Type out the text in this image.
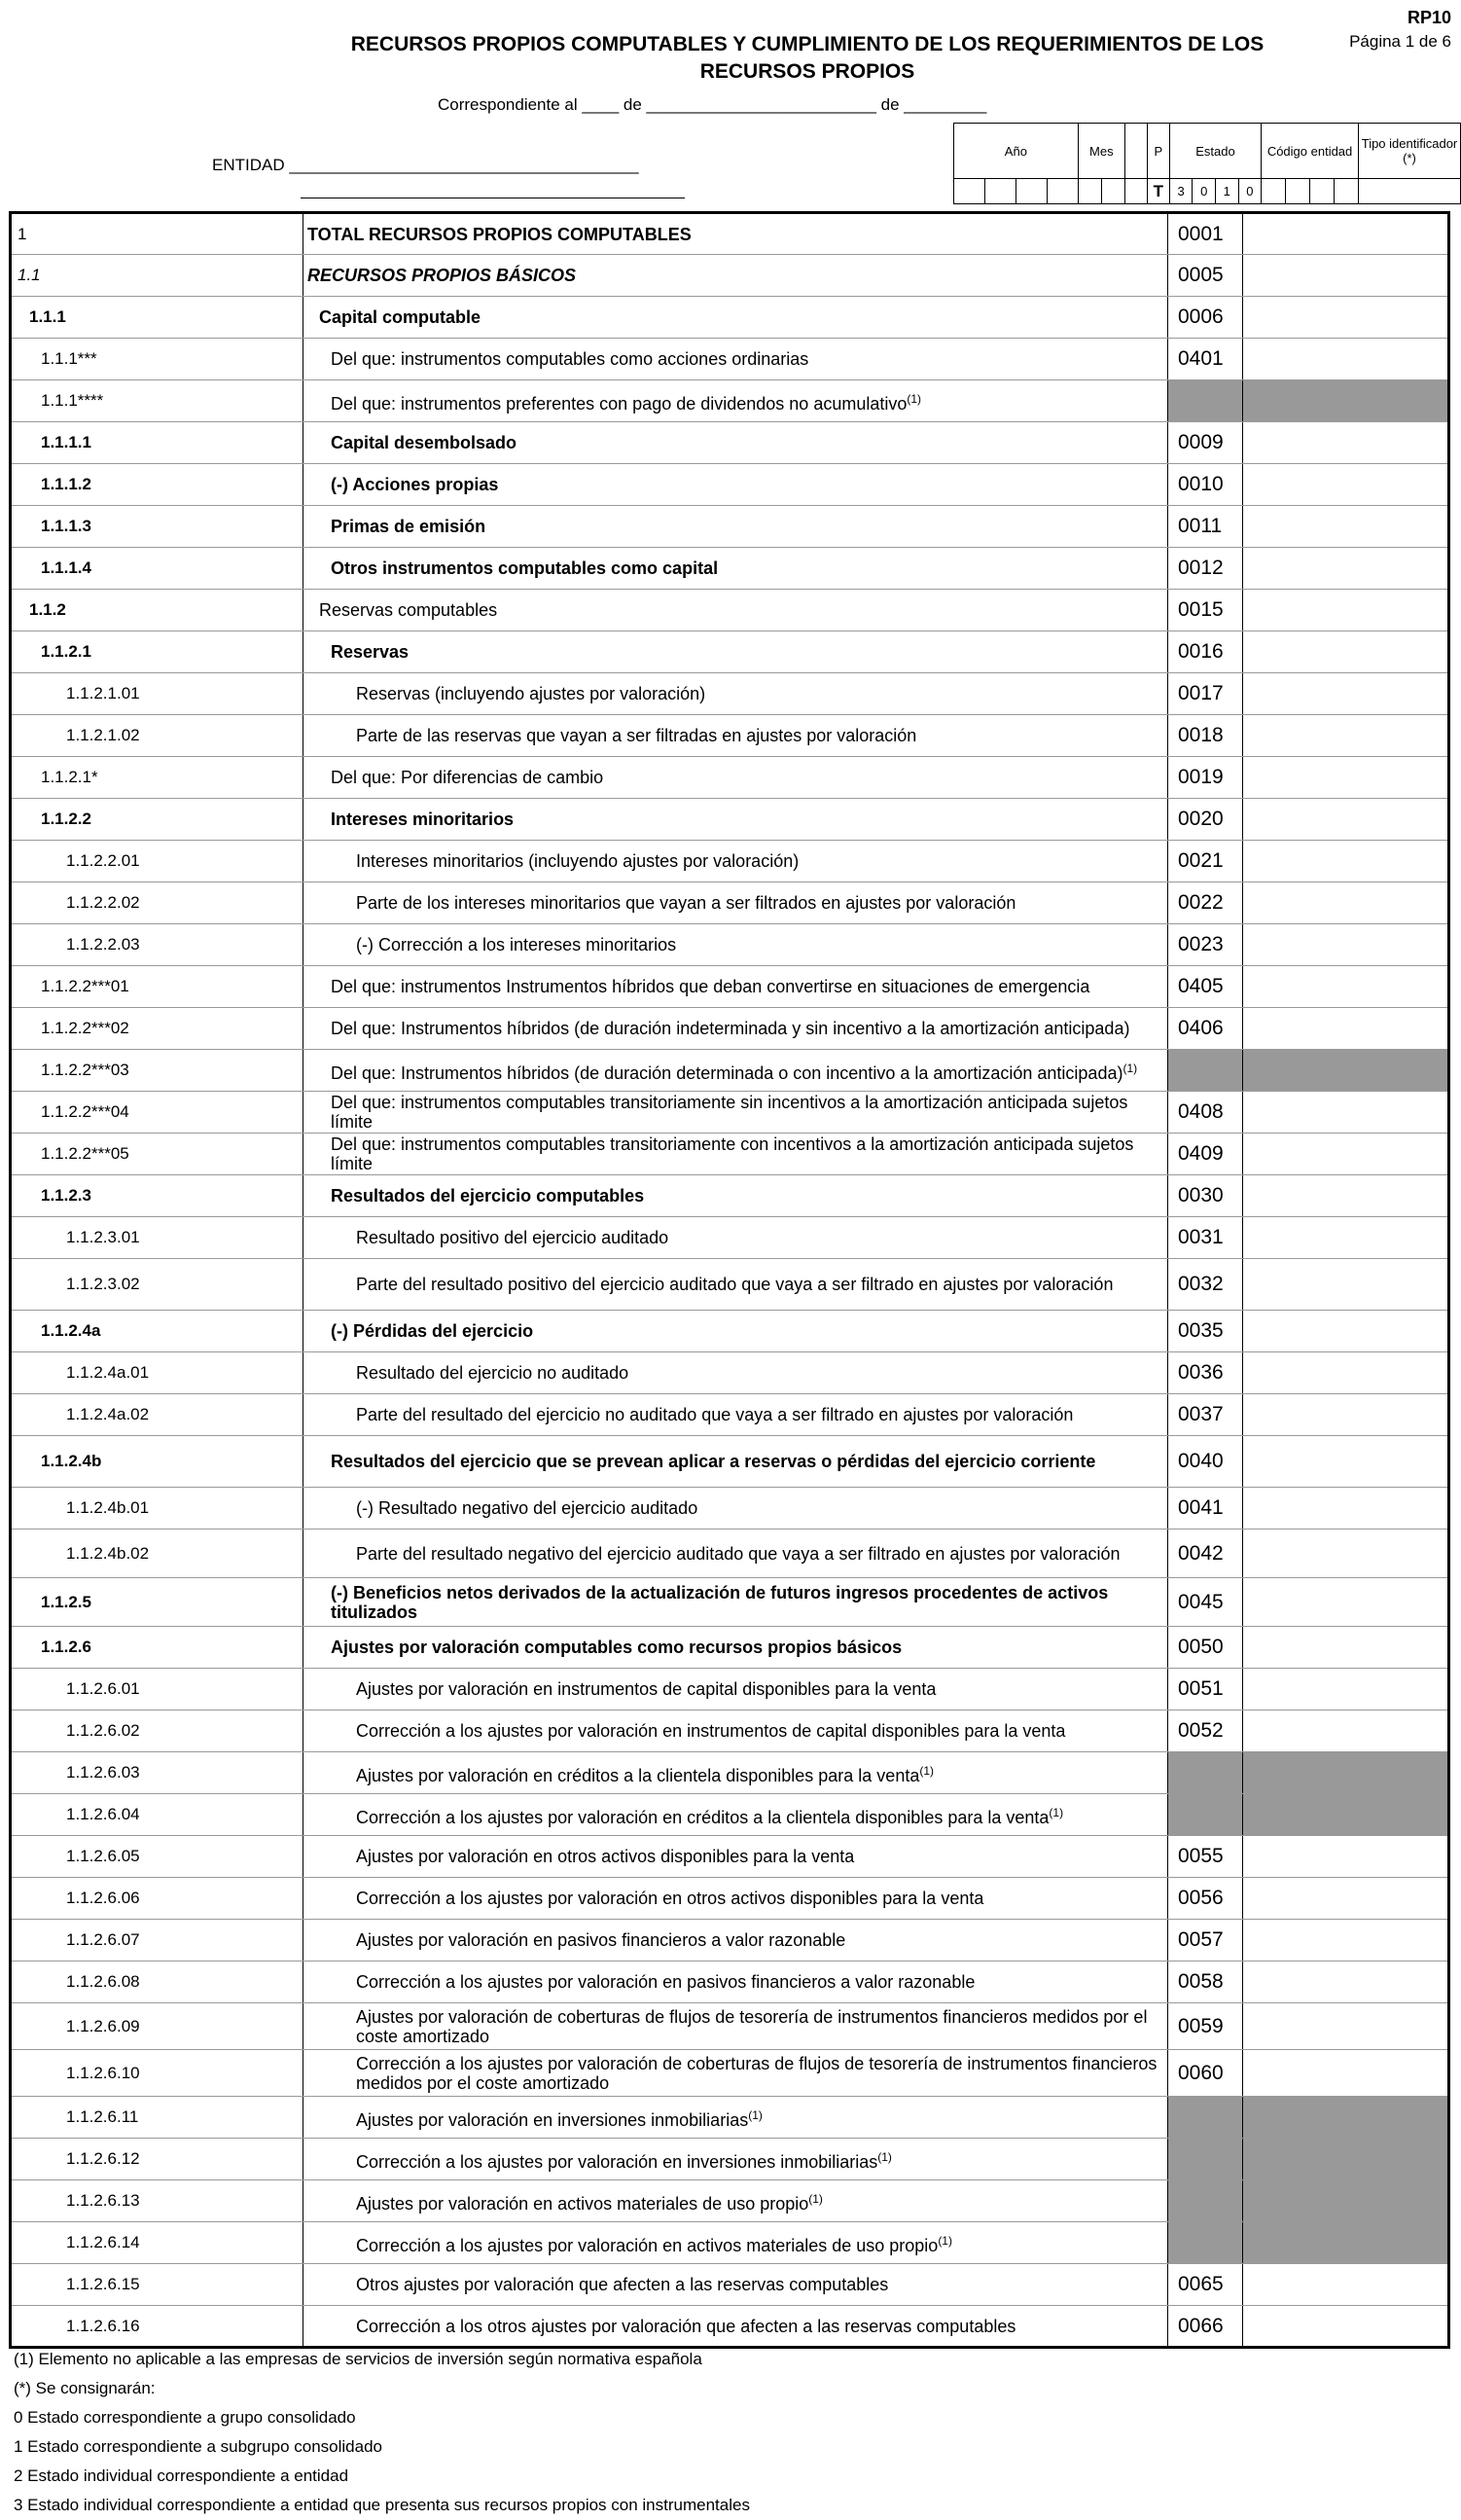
RP10
Página 1 de 6
RECURSOS PROPIOS COMPUTABLES Y CUMPLIMIENTO DE LOS REQUERIMIENTOS DE LOS RECURSOS PROPIOS
Correspondiente al ____ de _________________________ de _________
ENTIDAD ______________________________________
Año				Mes			P	Estado				Código entidad				Tipo identificador (*)
							T	3	0	1	0					
1	TOTAL RECURSOS PROPIOS COMPUTABLES	0001	
1.1	RECURSOS PROPIOS BÁSICOS	0005	
1.1.1	Capital computable	0006	
1.1.1***	Del que: instrumentos computables como acciones ordinarias	0401	
1.1.1****	Del que: instrumentos preferentes con pago de dividendos no acumulativo$^{(1)}$		
1.1.1.1	Capital desembolsado	0009	
1.1.1.2	(-) Acciones propias	0010	
1.1.1.3	Primas de emisión	0011	
1.1.1.4	Otros instrumentos computables como capital	0012	
1.1.2	Reservas computables	0015	
1.1.2.1	Reservas	0016	
1.1.2.1.01	Reservas (incluyendo ajustes por valoración)	0017	
1.1.2.1.02	Parte de las reservas que vayan a ser filtradas en ajustes por valoración	0018	
1.1.2.1*	Del que: Por diferencias de cambio	0019	
1.1.2.2	Intereses minoritarios	0020	
1.1.2.2.01	Intereses minoritarios (incluyendo ajustes por valoración)	0021	
1.1.2.2.02	Parte de los intereses minoritarios que vayan a ser filtrados en ajustes por valoración	0022	
1.1.2.2.03	(-) Corrección a los intereses minoritarios	0023	
1.1.2.2***01	Del que: instrumentos Instrumentos híbridos que deban convertirse en situaciones de emergencia	0405	
1.1.2.2***02	Del que: Instrumentos híbridos (de duración indeterminada y sin incentivo a la amortización anticipada)	0406	
1.1.2.2***03	Del que: Instrumentos híbridos (de duración determinada o con incentivo a la amortización anticipada)$^{(1)}$		
1.1.2.2***04	Del que: instrumentos computables transitoriamente sin incentivos a la amortización anticipada sujetos límite	0408	
1.1.2.2***05	Del que: instrumentos computables transitoriamente con incentivos a la amortización anticipada sujetos límite	0409	
1.1.2.3	Resultados del ejercicio computables	0030	
1.1.2.3.01	Resultado positivo del ejercicio auditado	0031	
1.1.2.3.02	Parte del resultado positivo del ejercicio auditado que vaya a ser filtrado en ajustes por valoración	0032	
1.1.2.4a	(-) Pérdidas del ejercicio	0035	
1.1.2.4a.01	Resultado del ejercicio no auditado	0036	
1.1.2.4a.02	Parte del resultado del ejercicio no auditado que vaya a ser filtrado en ajustes por valoración	0037	
1.1.2.4b	Resultados del ejercicio que se prevean aplicar a reservas o pérdidas del ejercicio corriente	0040	
1.1.2.4b.01	(-) Resultado negativo del ejercicio auditado	0041	
1.1.2.4b.02	Parte del resultado negativo del ejercicio auditado que vaya a ser filtrado en ajustes por valoración	0042	
1.1.2.5	(-) Beneficios netos derivados de la actualización de futuros ingresos procedentes de activos titulizados	0045	
1.1.2.6	Ajustes por valoración computables como recursos propios básicos	0050	
1.1.2.6.01	Ajustes por valoración en instrumentos de capital disponibles para la venta	0051	
1.1.2.6.02	Corrección a los ajustes por valoración en instrumentos de capital disponibles para la venta	0052	
1.1.2.6.03	Ajustes por valoración en créditos a la clientela disponibles para la venta$^{(1)}$		
1.1.2.6.04	Corrección a los ajustes por valoración en créditos a la clientela disponibles para la venta$^{(1)}$		
1.1.2.6.05	Ajustes por valoración en otros activos disponibles para la venta	0055	
1.1.2.6.06	Corrección a los ajustes por valoración en otros activos disponibles para la venta	0056	
1.1.2.6.07	Ajustes por valoración en pasivos financieros a valor razonable	0057	
1.1.2.6.08	Corrección a los ajustes por valoración en pasivos financieros a valor razonable	0058	
1.1.2.6.09	Ajustes por valoración de coberturas de flujos de tesorería de instrumentos financieros medidos por el coste amortizado	0059	
1.1.2.6.10	Corrección a los ajustes por valoración de coberturas de flujos de tesorería de instrumentos financieros medidos por el coste amortizado	0060	
1.1.2.6.11	Ajustes por valoración en inversiones inmobiliarias$^{(1)}$		
1.1.2.6.12	Corrección a los ajustes por valoración en inversiones inmobiliarias$^{(1)}$		
1.1.2.6.13	Ajustes por valoración en activos materiales de uso propio$^{(1)}$		
1.1.2.6.14	Corrección a los ajustes por valoración en activos materiales de uso propio$^{(1)}$		
1.1.2.6.15	Otros ajustes por valoración que afecten a las reservas computables	0065	
1.1.2.6.16	Corrección a los otros ajustes por valoración que afecten a las reservas computables	0066	
(1) Elemento no aplicable a las empresas de servicios de inversión según normativa española
(*) Se consignarán:
0 Estado correspondiente a grupo consolidado
1 Estado correspondiente a subgrupo consolidado
2 Estado individual correspondiente a entidad
3 Estado individual correspondiente a entidad que presenta sus recursos propios con instrumentales
